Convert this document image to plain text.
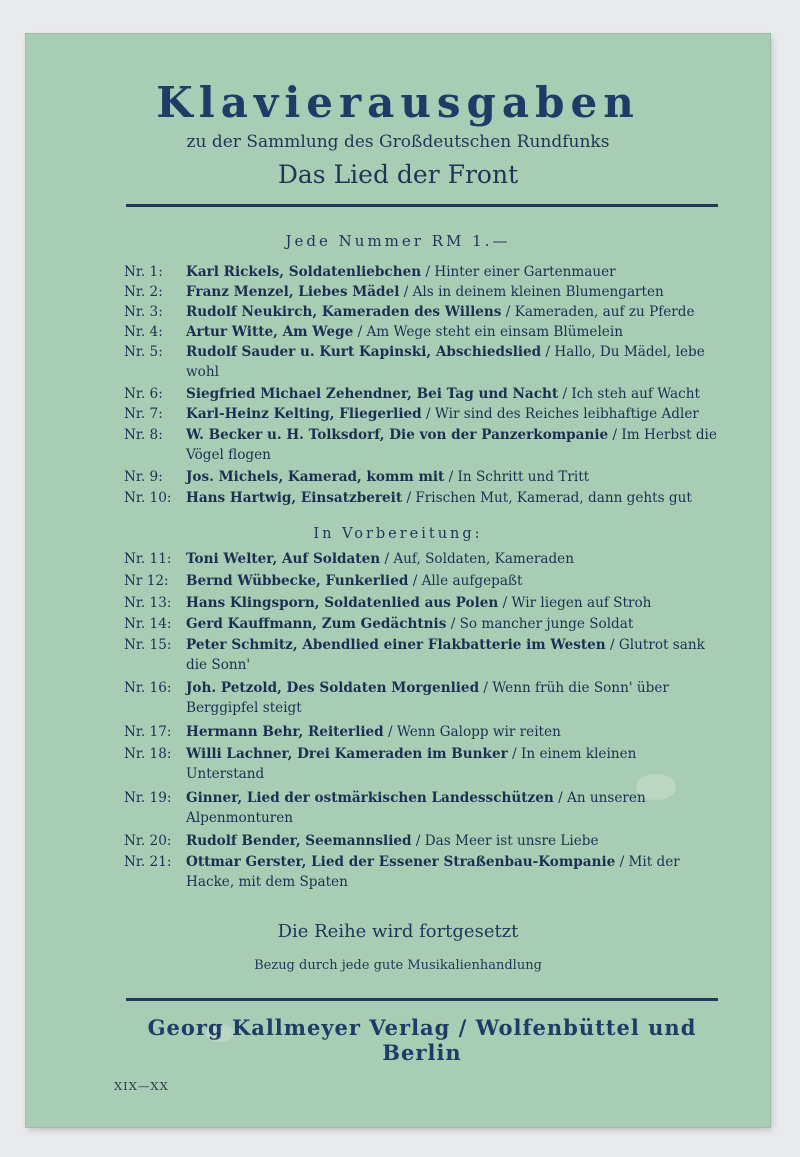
Klavierausgaben
zu der Sammlung des Großdeutschen Rundfunks
Das Lied der Front
Jede Nummer RM 1.—
Nr. 1:	Karl Rickels, Soldatenliebchen / Hinter einer Gartenmauer
Nr. 2:	Franz Menzel, Liebes Mädel / Als in deinem kleinen Blumengarten
Nr. 3:	Rudolf Neukirch, Kameraden des Willens / Kameraden, auf zu Pferde
Nr. 4:	Artur Witte, Am Wege / Am Wege steht ein einsam Blümelein
Nr. 5:	Rudolf Sauder u. Kurt Kapinski, Abschiedslied / Hallo, Du Mädel, lebe wohl
Nr. 6:	Siegfried Michael Zehendner, Bei Tag und Nacht / Ich steh auf Wacht
Nr. 7:	Karl-Heinz Kelting, Fliegerlied / Wir sind des Reiches leibhaftige Adler
Nr. 8:	W. Becker u. H. Tolksdorf, Die von der Panzerkompanie / Im Herbst die Vögel flogen
Nr. 9:	Jos. Michels, Kamerad, komm mit / In Schritt und Tritt
Nr. 10:	Hans Hartwig, Einsatzbereit / Frischen Mut, Kamerad, dann gehts gut
In Vorbereitung:
Nr. 11:	Toni Welter, Auf Soldaten / Auf, Soldaten, Kameraden
Nr 12:	Bernd Wübbecke, Funkerlied / Alle aufgepaßt
Nr. 13:	Hans Klingsporn, Soldatenlied aus Polen / Wir liegen auf Stroh
Nr. 14:	Gerd Kauffmann, Zum Gedächtnis / So mancher junge Soldat
Nr. 15:	Peter Schmitz, Abendlied einer Flakbatterie im Westen / Glutrot sank die Sonn'
Nr. 16:	Joh. Petzold, Des Soldaten Morgenlied / Wenn früh die Sonn' über Berggipfel steigt
Nr. 17:	Hermann Behr, Reiterlied / Wenn Galopp wir reiten
Nr. 18:	Willi Lachner, Drei Kameraden im Bunker / In einem kleinen Unterstand
Nr. 19:	Ginner, Lied der ostmärkischen Landesschützen / An unseren Alpenmonturen
Nr. 20:	Rudolf Bender, Seemannslied / Das Meer ist unsre Liebe
Nr. 21:	Ottmar Gerster, Lied der Essener Straßenbau-Kompanie / Mit der Hacke, mit dem Spaten
Die Reihe wird fortgesetzt
Bezug durch jede gute Musikalienhandlung
Georg Kallmeyer Verlag / Wolfenbüttel und Berlin
XIX—XX
